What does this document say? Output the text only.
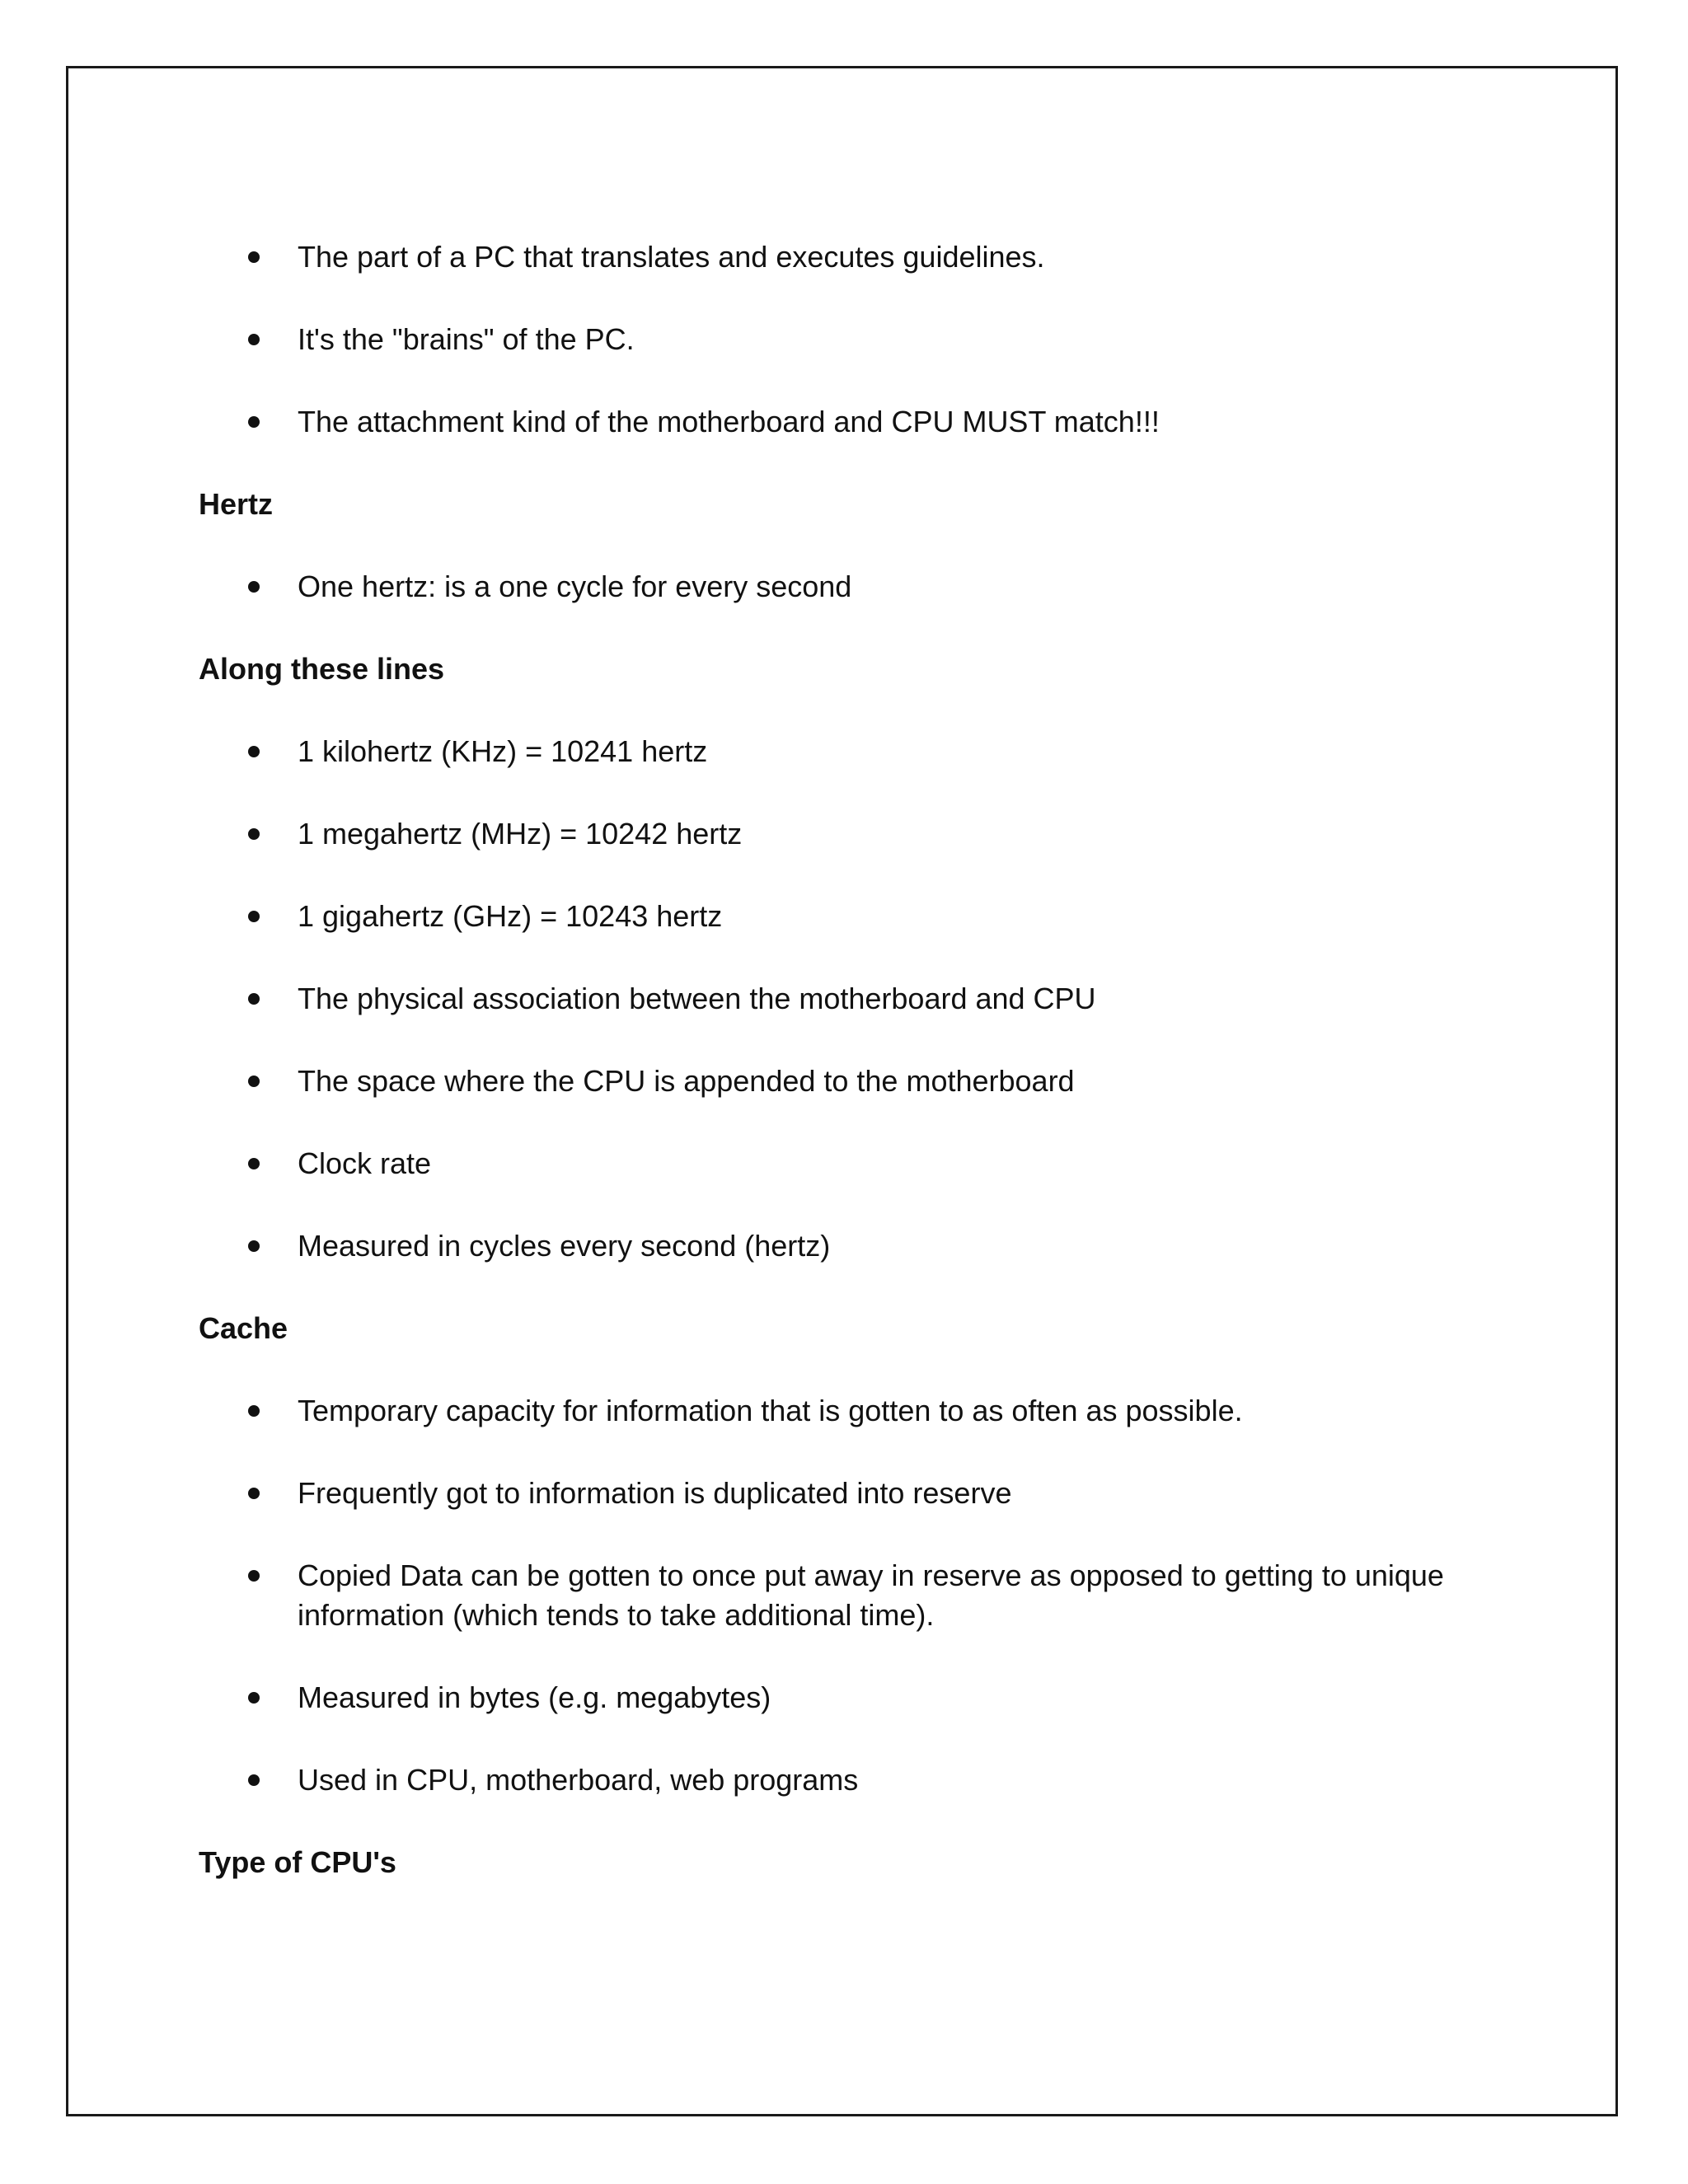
The part of a PC that translates and executes guidelines.
It's the "brains" of the PC.
The attachment kind of the motherboard and CPU MUST match!!!
Hertz
One hertz: is a one cycle for every second
Along these lines
1 kilohertz (KHz) = 10241 hertz
1 megahertz (MHz) = 10242 hertz
1 gigahertz (GHz) = 10243 hertz
The physical association between the motherboard and CPU
The space where the CPU is appended to the motherboard
Clock rate
Measured in cycles every second (hertz)
Cache
Temporary capacity for information that is gotten to as often as possible.
Frequently got to information is duplicated into reserve
Copied Data can be gotten to once put away in reserve as opposed to getting to unique information (which tends to take additional time).
Measured in bytes (e.g. megabytes)
Used in CPU, motherboard, web programs
Type of CPU's
